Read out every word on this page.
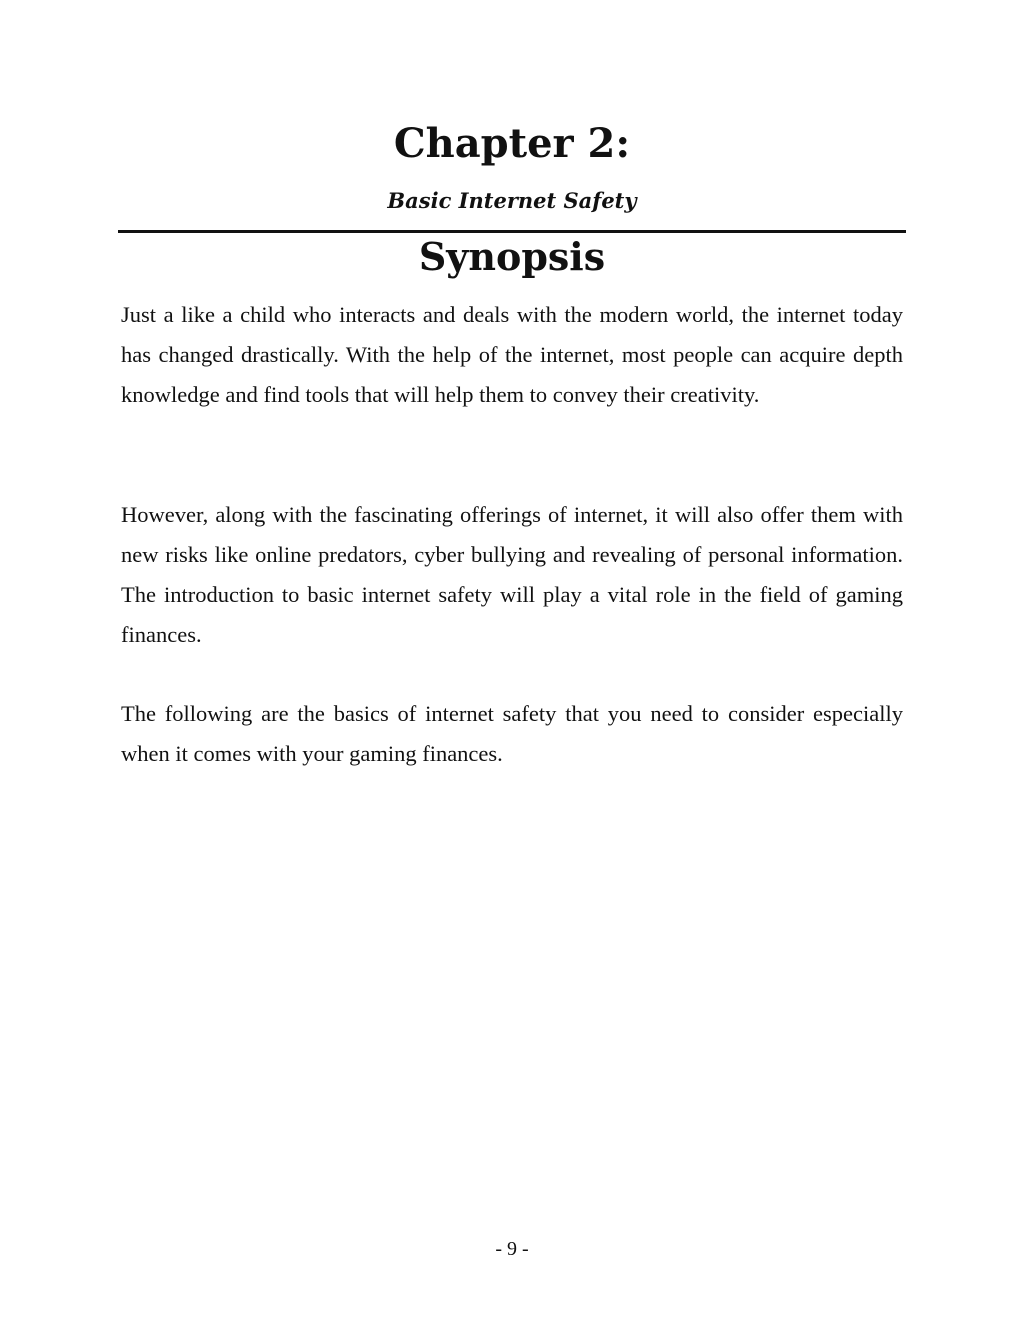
Chapter 2:
Basic Internet Safety
Synopsis

Just a like a child who interacts and deals with the modern world, the internet today has changed drastically. With the help of the internet, most people can acquire depth knowledge and find tools that will help them to convey their creativity.

However, along with the fascinating offerings of internet, it will also offer them with new risks like online predators, cyber bullying and revealing of personal information. The introduction to basic internet safety will play a vital role in the field of gaming finances.

The following are the basics of internet safety that you need to consider especially when it comes with your gaming finances.

- 9 -
